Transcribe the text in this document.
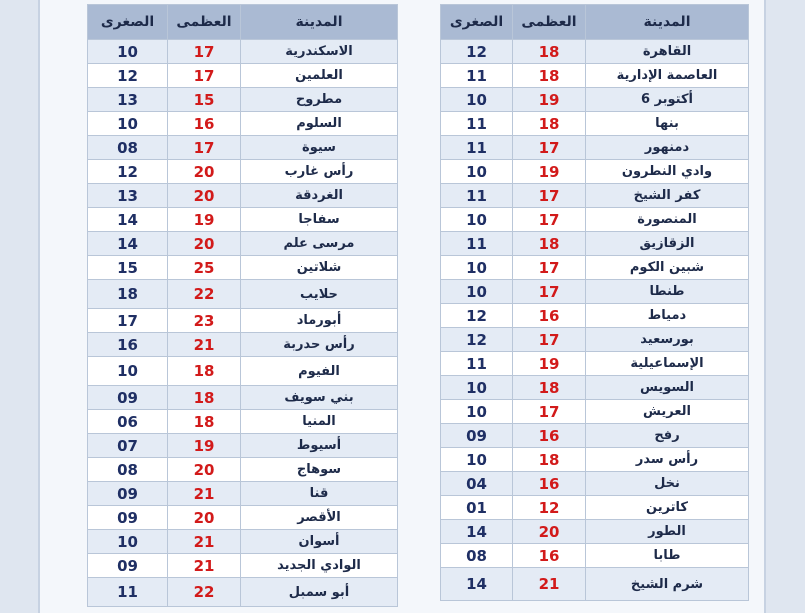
الصغرى	العظمى	المدينة
10	17	الاسكندرية
12	17	العلمين
13	15	مطروح
10	16	السلوم
08	17	سيوة
12	20	رأس غارب
13	20	الغردقة
14	19	سفاجا
14	20	مرسى علم
15	25	شلاتين
18	22	حلايب
17	23	أبورماد
16	21	رأس حدربة
10	18	الفيوم
09	18	بني سويف
06	18	المنيا
07	19	أسيوط
08	20	سوهاج
09	21	قنا
09	20	الأقصر
10	21	أسوان
09	21	الوادي الجديد
11	22	أبو سمبل
الصغرى	العظمى	المدينة
12	18	القاهرة
11	18	العاصمة الإدارية
10	19	6 أكتوبر
11	18	بنها
11	17	دمنهور
10	19	وادي النطرون
11	17	كفر الشيخ
10	17	المنصورة
11	18	الزقازيق
10	17	شبين الكوم
10	17	طنطا
12	16	دمياط
12	17	بورسعيد
11	19	الإسماعيلية
10	18	السويس
10	17	العريش
09	16	رفح
10	18	رأس سدر
04	16	نخل
01	12	كاترين
14	20	الطور
08	16	طابا
14	21	شرم الشيخ
